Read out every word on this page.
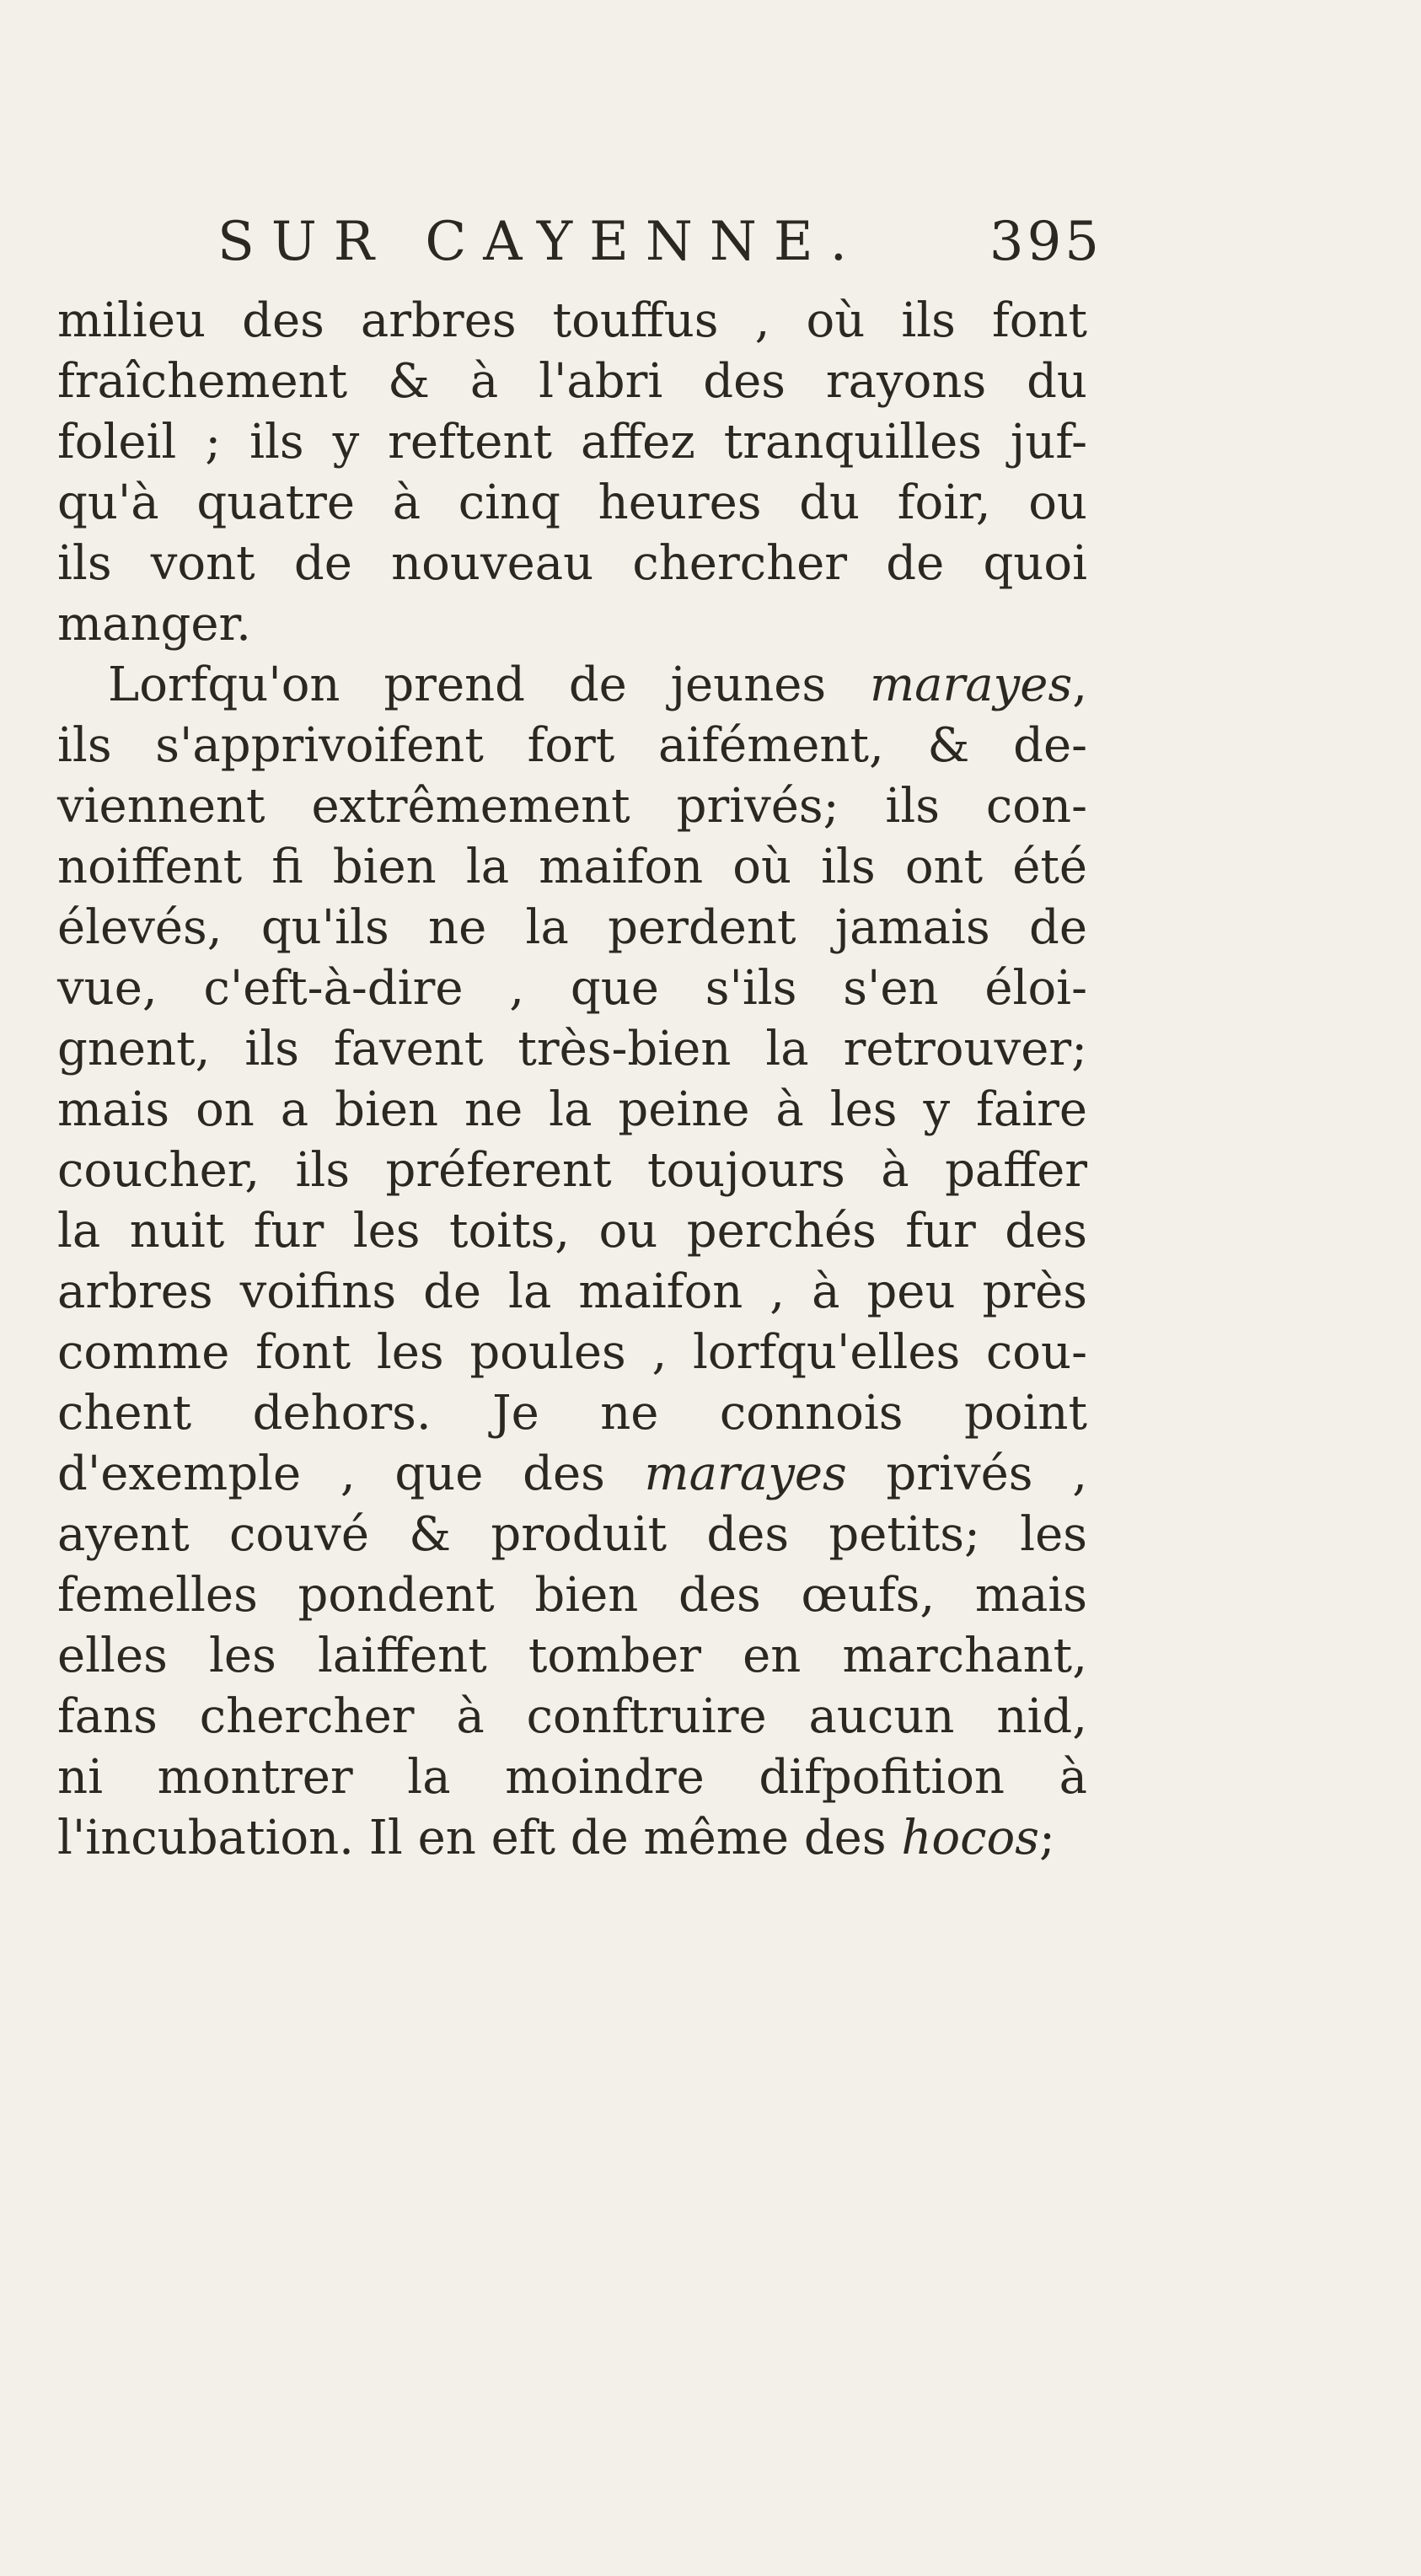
SUR CAYENNE. 395
milieu des arbres touffus , où ils font
fraîchement & à l'abri des rayons du
foleil ; ils y reftent affez tranquilles juf-
qu'à quatre à cinq heures du foir, ou
ils vont de nouveau chercher de quoi
manger.
Lorfqu'on prend de jeunes marayes,
ils s'apprivoifent fort aifément, & de-
viennent extrêmement privés; ils con-
noiffent fi bien la maifon où ils ont été
élevés, qu'ils ne la perdent jamais de
vue, c'eft-à-dire , que s'ils s'en éloi-
gnent, ils favent très-bien la retrouver;
mais on a bien ne la peine à les y faire
coucher, ils préferent toujours à paffer
la nuit fur les toits, ou perchés fur des
arbres voifins de la maifon , à peu près
comme font les poules , lorfqu'elles cou-
chent dehors. Je ne connois point
d'exemple , que des marayes privés ,
ayent couvé & produit des petits; les
femelles pondent bien des œufs, mais
elles les laiffent tomber en marchant,
fans chercher à conftruire aucun nid,
ni montrer la moindre difpofition à
l'incubation. Il en eft de même des hocos;
